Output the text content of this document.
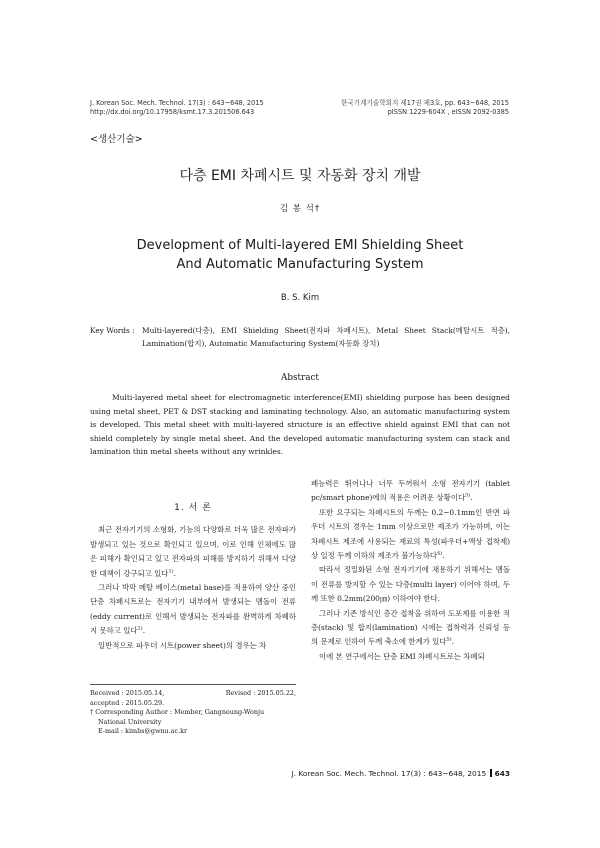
J. Korean Soc. Mech. Technol. 17(3) : 643~648, 2015
http://dx.doi.org/10.17958/ksmt.17.3.201506.643
한국기계기술학회지 제17권 제3호, pp. 643~648, 2015
pISSN 1229-604X , eISSN 2092-0385
<생산기술>
다층 EMI 차폐시트 및 자동화 장치 개발
김 봉 석†
Development of Multi-layered EMI Shielding Sheet
And Automatic Manufacturing System
B. S. Kim
Key Words : Multi-layered(다층), EMI Shielding Sheet(전자파 차폐시트), Metal Sheet Stack(메탈시트 적층), Lamination(합지), Automatic Manufacturing System(자동화 장치)
Abstract
Multi-layered metal sheet for electromagnetic interference(EMI) shielding purpose has been designed using metal sheet, PET & DST stacking and laminating technology. Also, an automatic manufacturing system is developed. This metal sheet with multi-layered structure is an effective shield against EMI that can not shield completely by single metal sheet. And the developed automatic manufacturing system can stack and lamination thin metal sheets without any wrinkles.
1. 서 론

최근 전자기기의 소형화, 기능의 다양화로 더욱 많은 전자파가 발생되고 있는 것으로 확인되고 있으며, 이로 인해 인체에도 많은 피해가 확인되고 있고 전자파의 피해를 방지하기 위해서 다양한 대책이 강구되고 있다$^{1)}$.

그러나 박막 메탈 베이스(metal base)를 적용하여 양산 중인 단층 차폐시트로는 전자기기 내부에서 발생되는 맴돌이 전류(eddy current)로 인해서 발생되는 전자파를 완벽하게 차폐하지 못하고 있다$^{2)}$.

일반적으로 파우더 시트(power sheet)의 경우는 차

폐능력은 뛰어나나 너무 두꺼워서 소형 전자기기 (tablet pc/smart phone)에의 적용은 어려운 상황이다$^{3)}$.

또한 요구되는 차폐시트의 두께는 0.2~0.1mm인 반면 파우더 시트의 경우는 1mm 이상으로만 제조가 가능하며, 이는 차폐시트 제조에 사용되는 재료의 특성(파우더+액상 접착제)상 일정 두께 이하의 제조가 불가능하다$^{4)}$.

따라서 정밀화된 소형 전자기기에 채용하기 위해서는 맴돌이 전류를 방지할 수 있는 다층(multi layer) 이어야 하며, 두께 또한 0.2mm(200㎛) 이하여야 한다.

그러나 기존 방식인 층간 접착을 위하여 도포제를 이용한 적층(stack) 및 합지(lamination) 시에는 접착력과 신뢰성 등의 문제로 인하여 두께 축소에 한계가 있다$^{5)}$.

이에 본 연구에서는 단층 EMI 차폐시트로는 차폐되

Received : 2015.05.14,	Revised : 2015.05.22,
accepted : 2015.05.29.
† Corresponding Author : Member, Gangneung-Wonju
National University
E-mail : kimbs@gwnu.ac.kr
J. Korean Soc. Mech. Technol. 17(3) : 643~648, 2015 643
